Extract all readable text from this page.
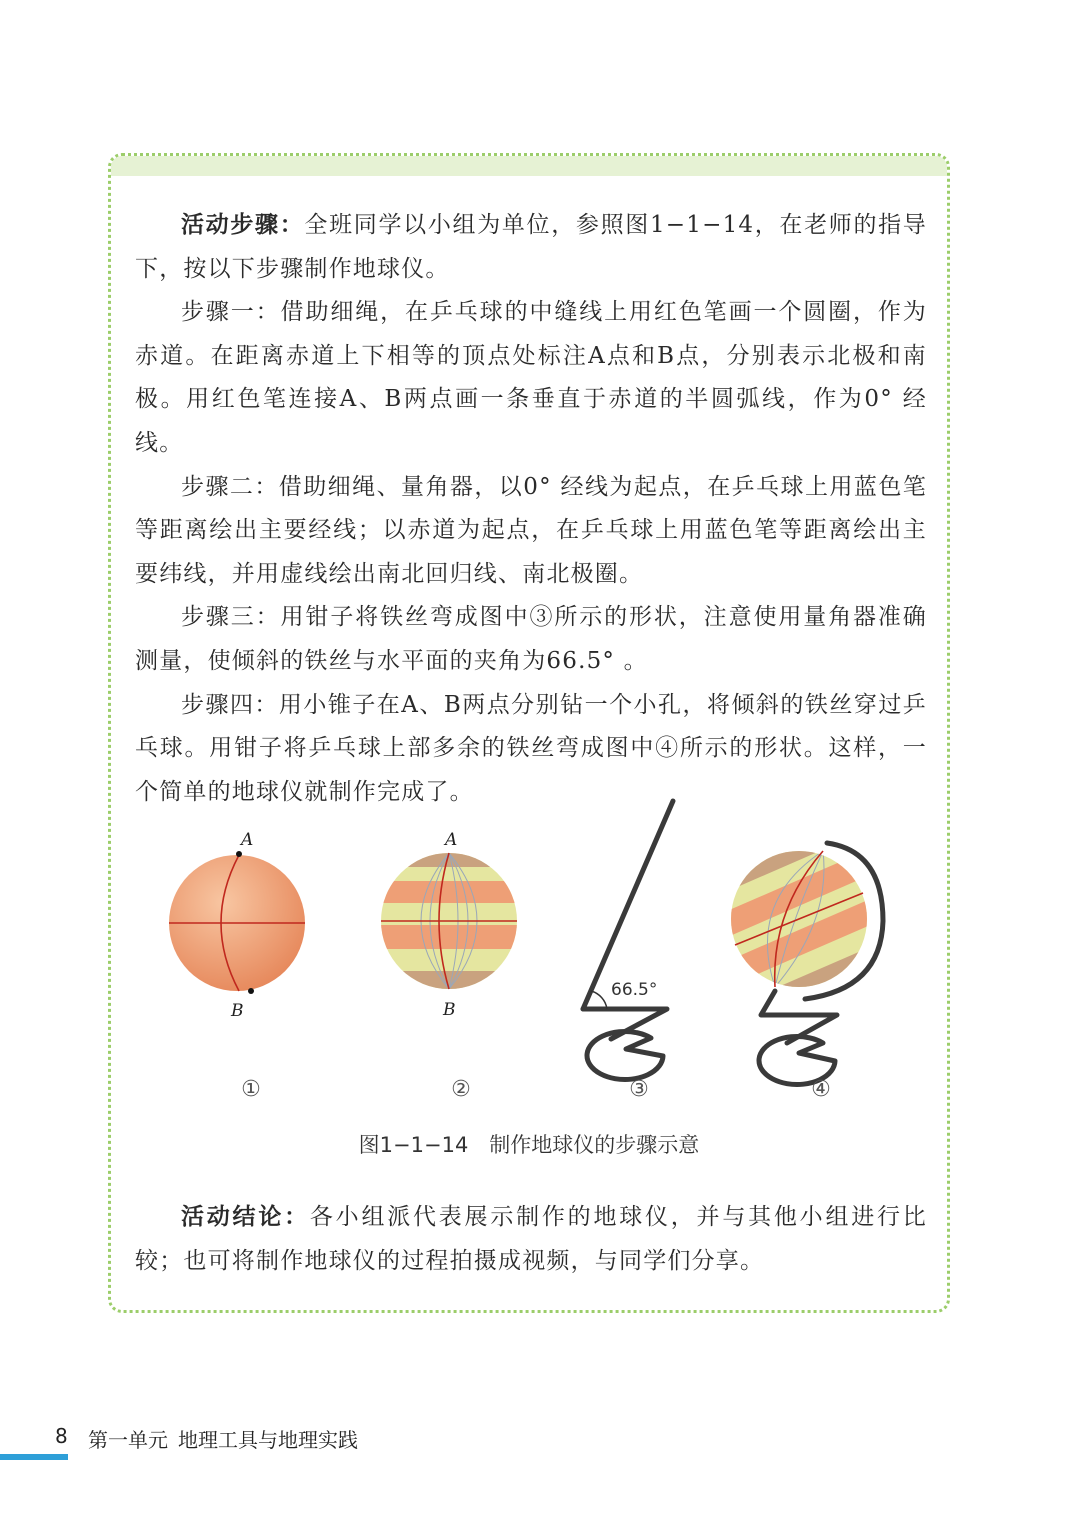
活动步骤：全班同学以小组为单位，参照图1−1−14，在老师的指导下，按以下步骤制作地球仪。

步骤一：借助细绳，在乒乓球的中缝线上用红色笔画一个圆圈，作为赤道。在距离赤道上下相等的顶点处标注A点和B点，分别表示北极和南极。用红色笔连接A、B两点画一条垂直于赤道的半圆弧线，作为0° 经线。

步骤二：借助细绳、量角器，以0° 经线为起点，在乒乓球上用蓝色笔等距离绘出主要经线；以赤道为起点，在乒乓球上用蓝色笔等距离绘出主要纬线，并用虚线绘出南北回归线、南北极圈。

步骤三：用钳子将铁丝弯成图中③所示的形状，注意使用量角器准确测量，使倾斜的铁丝与水平面的夹角为66.5° 。

步骤四：用小锥子在A、B两点分别钻一个小孔，将倾斜的铁丝穿过乒乓球。用钳子将乒乓球上部多余的铁丝弯成图中④所示的形状。这样，一个简单的地球仪就制作完成了。

A
B
A
B
66.5°
①	②	③	④
图1−1−14　制作地球仪的步骤示意

活动结论：各小组派代表展示制作的地球仪，并与其他小组进行比较；也可将制作地球仪的过程拍摄成视频，与同学们分享。

8 第一单元 地理工具与地理实践
